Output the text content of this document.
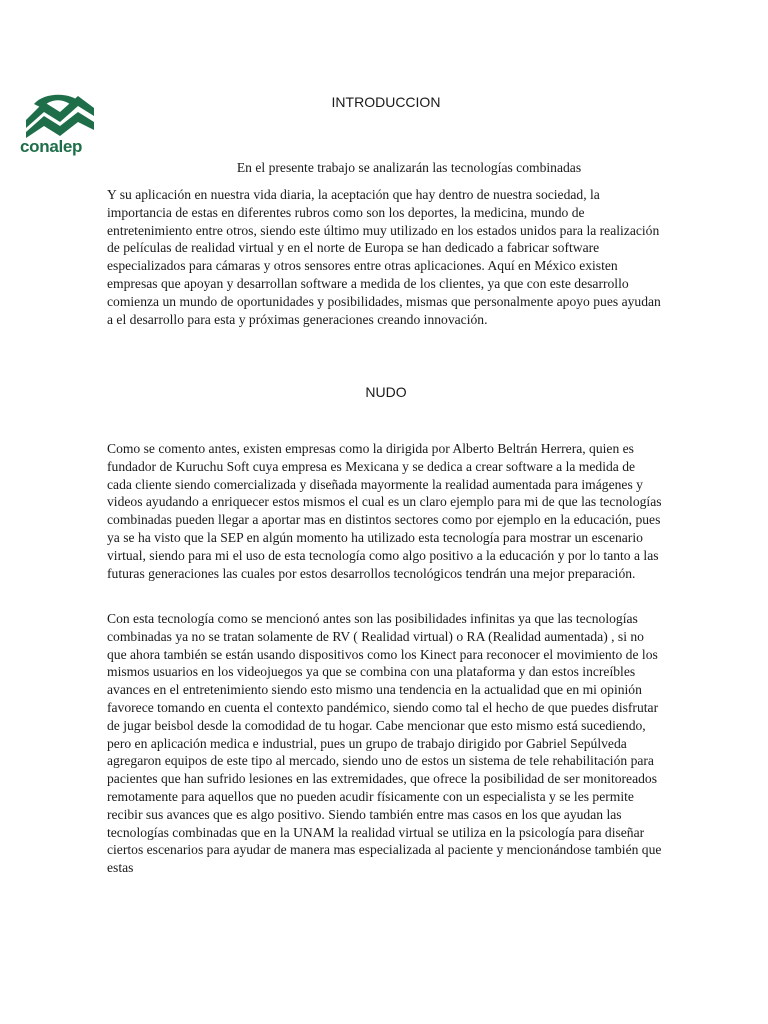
conalep
INTRODUCCION
En el presente trabajo se analizarán las tecnologías combinadas

Y su aplicación en nuestra vida diaria, la aceptación que hay dentro de nuestra sociedad, la importancia de estas en diferentes rubros como son los deportes, la medicina, mundo de entretenimiento entre otros, siendo este último muy utilizado en los estados unidos para la realización de películas de realidad virtual y en el norte de Europa se han dedicado a fabricar software especializados para cámaras y otros sensores entre otras aplicaciones. Aquí en México existen empresas que apoyan y desarrollan software a medida de los clientes, ya que con este desarrollo comienza un mundo de oportunidades y posibilidades, mismas que personalmente apoyo pues ayudan a el desarrollo para esta y próximas generaciones creando innovación.

NUDO

Como se comento antes, existen empresas como la dirigida por Alberto Beltrán Herrera, quien es fundador de Kuruchu Soft cuya empresa es Mexicana y se dedica a crear software a la medida de cada cliente siendo comercializada y diseñada mayormente la realidad aumentada para imágenes y videos ayudando a enriquecer estos mismos el cual es un claro ejemplo para mi de que las tecnologías combinadas pueden llegar a aportar mas en distintos sectores como por ejemplo en la educación, pues ya se ha visto que la SEP en algún momento ha utilizado esta tecnología para mostrar un escenario virtual, siendo para mi el uso de esta tecnología como algo positivo a la educación y por lo tanto a las futuras generaciones las cuales por estos desarrollos tecnológicos tendrán una mejor preparación.

Con esta tecnología como se mencionó antes son las posibilidades infinitas ya que las tecnologías combinadas ya no se tratan solamente de RV ( Realidad virtual) o RA (Realidad aumentada) , si no que ahora también se están usando dispositivos como los Kinect para reconocer el movimiento de los mismos usuarios en los videojuegos ya que se combina con una plataforma y dan estos increíbles avances en el entretenimiento siendo esto mismo una tendencia en la actualidad que en mi opinión favorece tomando en cuenta el contexto pandémico, siendo como tal el hecho de que puedes disfrutar de jugar beisbol desde la comodidad de tu hogar. Cabe mencionar que esto mismo está sucediendo, pero en aplicación medica e industrial, pues un grupo de trabajo dirigido por Gabriel Sepúlveda agregaron equipos de este tipo al mercado, siendo uno de estos un sistema de tele rehabilitación para pacientes que han sufrido lesiones en las extremidades, que ofrece la posibilidad de ser monitoreados remotamente para aquellos que no pueden acudir físicamente con un especialista y se les permite recibir sus avances que es algo positivo. Siendo también entre mas casos en los que ayudan las tecnologías combinadas que en la UNAM la realidad virtual se utiliza en la psicología para diseñar ciertos escenarios para ayudar de manera mas especializada al paciente y mencionándose también que estas
